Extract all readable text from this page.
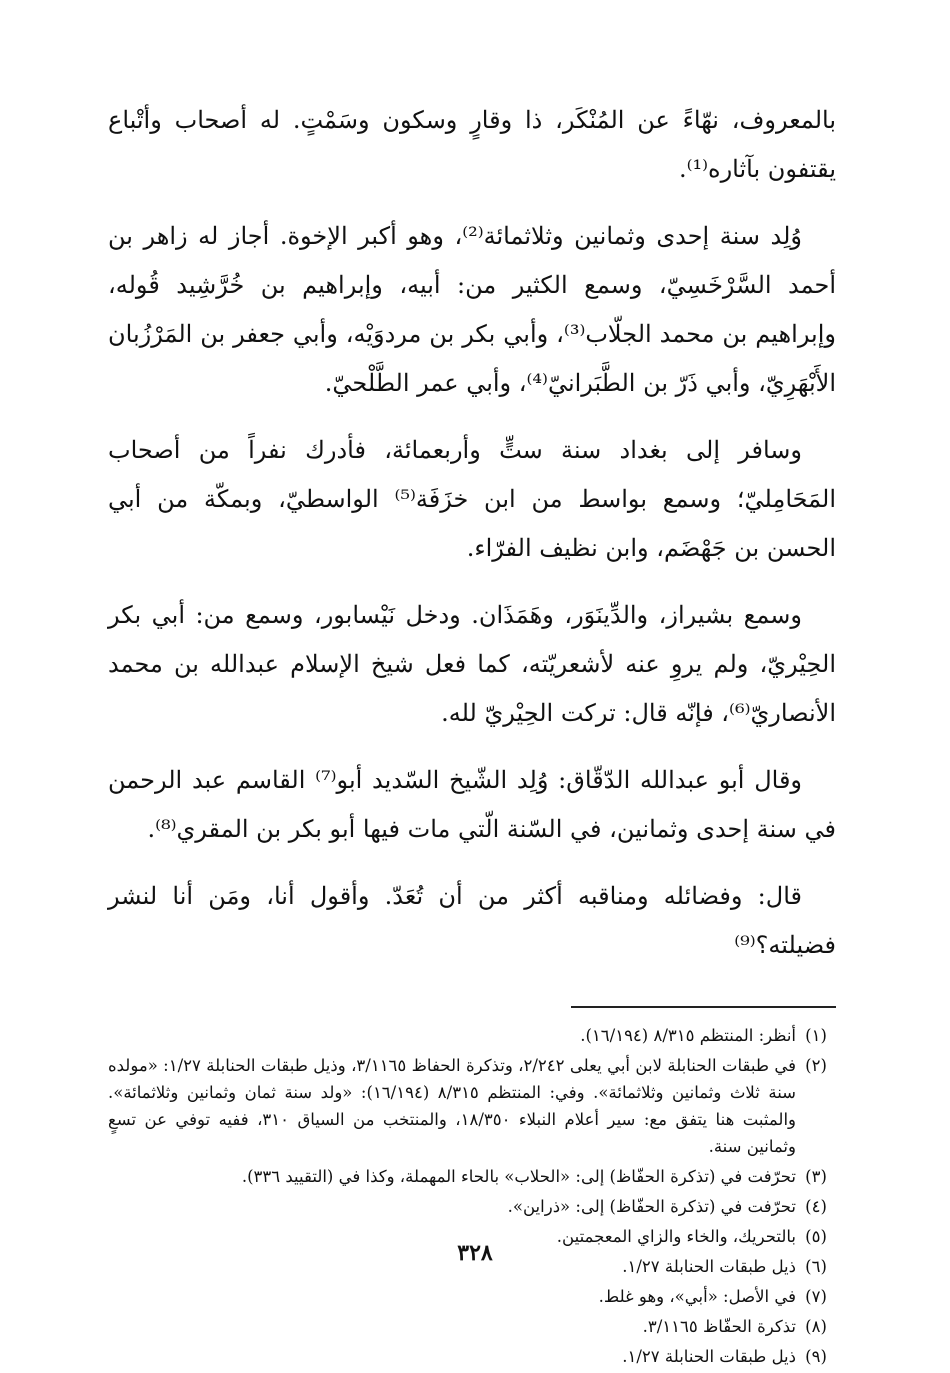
بالمعروف، نهّاءً عن المُنْكَر، ذا وقارٍ وسكون وسَمْتٍ. له أصحاب وأتْباع يقتفون بآثاره⁽¹⁾.

وُلِد سنة إحدى وثمانين وثلاثمائة⁽²⁾، وهو أكبر الإخوة. أجاز له زاهر بن أحمد السَّرْخَسِيّ، وسمع الكثير من: أبيه، وإبراهيم بن خُرَّشِيد قُوله، وإبراهيم بن محمد الجلّاب⁽³⁾، وأبي بكر بن مردوَيْه، وأبي جعفر بن المَرْزُبان الأَبْهَرِيّ، وأبي ذَرّ بن الطَّبَرانيّ⁽⁴⁾، وأبي عمر الطَّلْحيّ.

وسافر إلى بغداد سنة ستٍّ وأربعمائة، فأدرك نفراً من أصحاب المَحَامِليّ؛ وسمع بواسط من ابن خزَفَة⁽⁵⁾ الواسطيّ، وبمكّة من أبي الحسن بن جَهْضَم، وابن نظيف الفرّاء.

وسمع بشيراز، والدِّينَوَر، وهَمَذَان. ودخل نَيْسابور، وسمع من: أبي بكر الحِيْريّ، ولم يروِ عنه لأشعريّته، كما فعل شيخ الإسلام عبدالله بن محمد الأنصاريّ⁽⁶⁾، فإنّه قال: تركت الحِيْريّ لله.

وقال أبو عبدالله الدّقّاق: وُلِد الشّيخ السّديد أبو⁽⁷⁾ القاسم عبد الرحمن في سنة إحدى وثمانين، في السّنة الّتي مات فيها أبو بكر بن المقري⁽⁸⁾.

قال: وفضائله ومناقبه أكثر من أن تُعَدّ. وأقول أنا، ومَن أنا لنشر فضيلته؟⁽⁹⁾

(١)
أنظر: المنتظم ٨/٣١٥ (١٦/١٩٤).
(٢)
في طبقات الحنابلة لابن أبي يعلى ٢/٢٤٢، وتذكرة الحفاظ ٣/١١٦٥، وذيل طبقات الحنابلة ١/٢٧: «مولده سنة ثلاث وثمانين وثلاثمائة». وفي: المنتظم ٨/٣١٥ (١٦/١٩٤): «ولد سنة ثمان وثمانين وثلاثمائة». والمثبت هنا يتفق مع: سير أعلام النبلاء ١٨/٣٥٠، والمنتخب من السياق ٣١٠، ففيه توفي عن تسعٍ وثمانين سنة.
(٣)
تحرّفت في (تذكرة الحفّاظ) إلى: «الحلاب» بالحاء المهملة، وكذا في (التقييد ٣٣٦).
(٤)
تحرّفت في (تذكرة الحفّاظ) إلى: «ذراين».
(٥)
بالتحريك، والخاء والزاي المعجمتين.
(٦)
ذيل طبقات الحنابلة ١/٢٧.
(٧)
في الأصل: «أبي»، وهو غلط.
(٨)
تذكرة الحفّاظ ٣/١١٦٥.
(٩)
ذيل طبقات الحنابلة ١/٢٧.
٣٢٨
